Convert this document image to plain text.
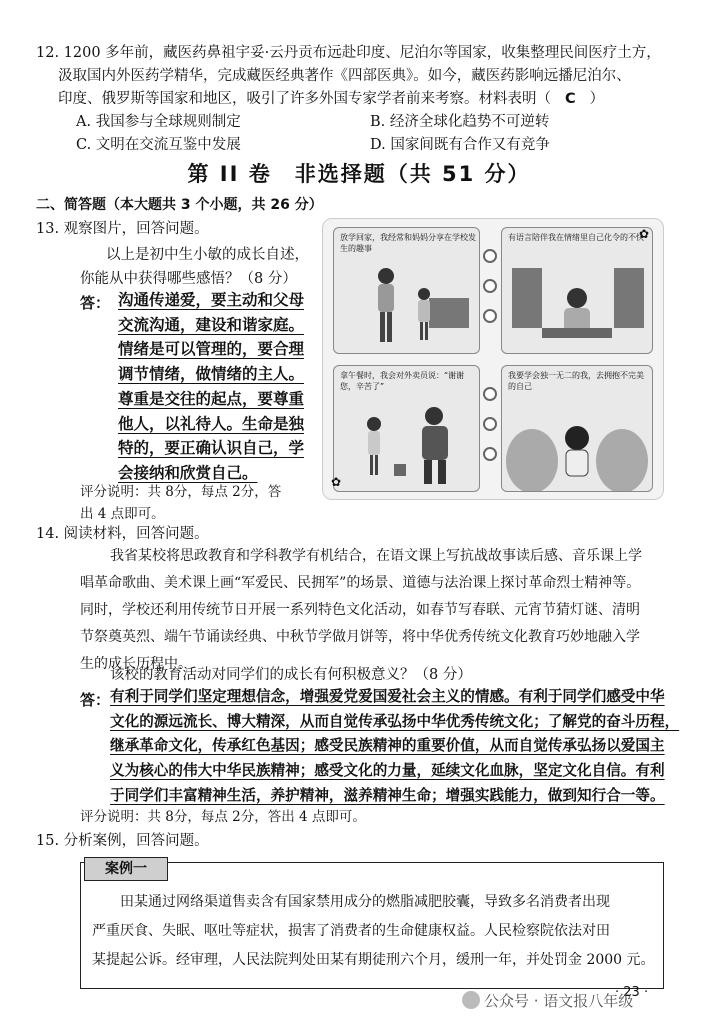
12. 1200 多年前，藏医药鼻祖宇妥·云丹贡布远赴印度、尼泊尔等国家，收集整理民间医疗土方，
汲取国内外医药学精华，完成藏医经典著作《四部医典》。如今，藏医药影响远播尼泊尔、
印度、俄罗斯等国家和地区，吸引了许多外国专家学者前来考察。材料表明（ C ）
A. 我国参与全球规则制定	B. 经济全球化趋势不可逆转
C. 文明在交流互鉴中发展	D. 国家间既有合作又有竞争
第 II 卷　非选择题（共 51 分）
二、简答题（本大题共 3 个小题，共 26 分）
13. 观察图片，回答问题。
以上是初中生小敏的成长自述，
你能从中获得哪些感悟？（8 分）
答： 沟通传递爱，要主动和父母
交流沟通，建设和谐家庭。
情绪是可以管理的，要合理
调节情绪，做情绪的主人。
尊重是交往的起点，要尊重
他人，以礼待人。生命是独
特的，要正确认识自己，学
会接纳和欣赏自己。
评分说明：共 8分，每点 2分，答
出 4 点即可。
放学回家，我经常和妈妈分享在学校发生的趣事
有语言陪伴我在情绪里自己化令的不快
拿午餐时，我会对外卖员说：“谢谢您，辛苦了”
我要学会独一无二的我，去拥抱不完美的自己
✿
✿
14. 阅读材料，回答问题。
我省某校将思政教育和学科教学有机结合，在语文课上写抗战故事读后感、音乐课上学
唱革命歌曲、美术课上画“军爱民、民拥军”的场景、道德与法治课上探讨革命烈士精神等。
同时，学校还利用传统节日开展一系列特色文化活动，如春节写春联、元宵节猜灯谜、清明
节祭奠英烈、端午节诵读经典、中秋节学做月饼等，将中华优秀传统文化教育巧妙地融入学
生的成长历程中。
该校的教育活动对同学们的成长有何积极意义？（8 分）
答： 有利于同学们坚定理想信念，增强爱党爱国爱社会主义的情感。有利于同学们感受中华
文化的源远流长、博大精深，从而自觉传承弘扬中华优秀传统文化；了解党的奋斗历程，
继承革命文化，传承红色基因；感受民族精神的重要价值，从而自觉传承弘扬以爱国主
义为核心的伟大中华民族精神；感受文化的力量，延续文化血脉，坚定文化自信。有利
于同学们丰富精神生活，养护精神，滋养精神生命；增强实践能力，做到知行合一等。
评分说明：共 8分，每点 2分，答出 4 点即可。
15. 分析案例，回答问题。
案例一
田某通过网络渠道售卖含有国家禁用成分的燃脂减肥胶囊，导致多名消费者出现
严重厌食、失眠、呕吐等症状，损害了消费者的生命健康权益。人民检察院依法对田
某提起公诉。经审理，人民法院判处田某有期徒刑六个月，缓刑一年，并处罚金 2000 元。
· 23 ·
公众号 · 语文报八年级
